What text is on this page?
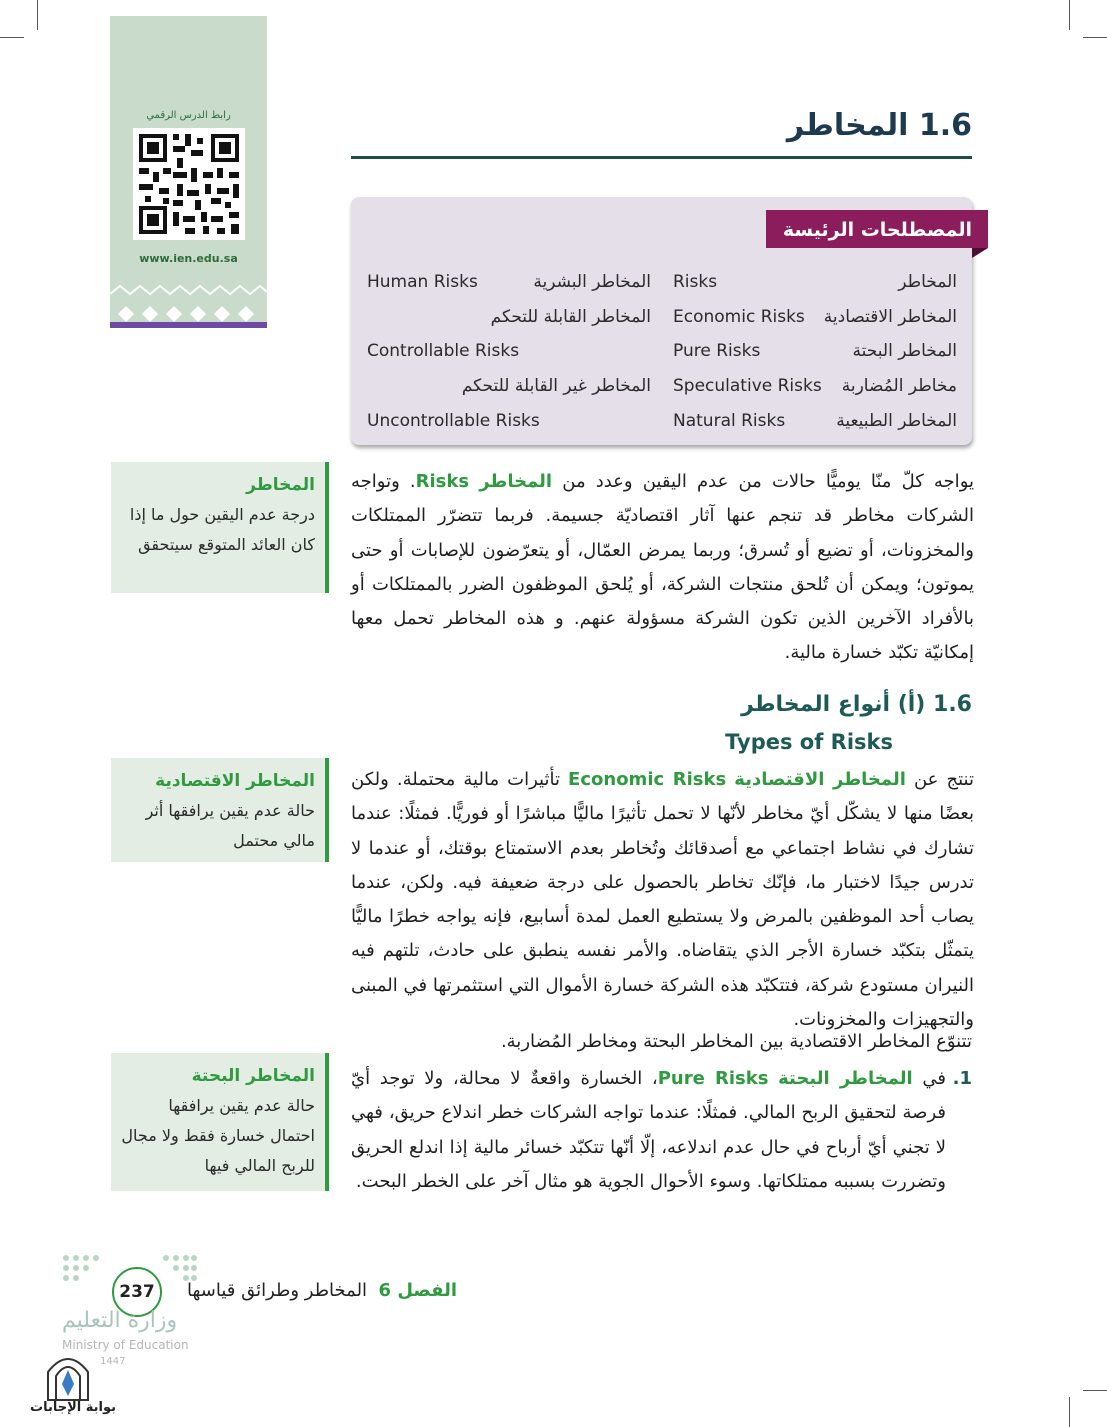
رابط الدرس الرقمي
www.ien.edu.sa
1.6 المخاطر
المصطلحات الرئيسة
المخاطر
Risks
المخاطر الاقتصادية
Economic Risks
المخاطر البحتة
Pure Risks
مخاطر المُضاربة
Speculative Risks
المخاطر الطبيعية
Natural Risks
المخاطر البشرية
Human Risks
المخاطر القابلة للتحكم
Controllable Risks
المخاطر غير القابلة للتحكم
Uncontrollable Risks
يواجه كلّ منّا يوميًّا حالات من عدم اليقين وعدد من المخاطر Risks. وتواجه الشركات مخاطر قد تنجم عنها آثار اقتصاديّة جسيمة. فربما تتضرّر الممتلكات والمخزونات، أو تضيع أو تُسرق؛ وربما يمرض العمّال، أو يتعرّضون للإصابات أو حتى يموتون؛ ويمكن أن تُلحق منتجات الشركة، أو يُلحق الموظفون الضرر بالممتلكات أو بالأفراد الآخرين الذين تكون الشركة مسؤولة عنهم. و هذه المخاطر تحمل معها إمكانيّة تكبّد خسارة مالية.
1.6 (أ) أنواع المخاطر
Types of Risks
تنتج عن المخاطر الاقتصادية Economic Risks تأثيرات مالية محتملة. ولكن بعضًا منها لا يشكّل أيّ مخاطر لأنّها لا تحمل تأثيرًا ماليًّا مباشرًا أو فوريًّا. فمثلًا: عندما تشارك في نشاط اجتماعي مع أصدقائك وتُخاطر بعدم الاستمتاع بوقتك، أو عندما لا تدرس جيدًا لاختبار ما، فإنّك تخاطر بالحصول على درجة ضعيفة فيه. ولكن، عندما يصاب أحد الموظفين بالمرض ولا يستطيع العمل لمدة أسابيع، فإنه يواجه خطرًا ماليًّا يتمثّل بتكبّد خسارة الأجر الذي يتقاضاه. والأمر نفسه ينطبق على حادث، تلتهم فيه النيران مستودع شركة، فتتكبّد هذه الشركة خسارة الأموال التي استثمرتها في المبنى والتجهيزات والمخزونات.
تتنوّع المخاطر الاقتصادية بين المخاطر البحتة ومخاطر المُضاربة.
1.
في المخاطر البحتة Pure Risks، الخسارة واقعةٌ لا محالة، ولا توجد أيّ فرصة لتحقيق الربح المالي. فمثلًا: عندما تواجه الشركات خطر اندلاع حريق، فهي لا تجني أيّ أرباح في حال عدم اندلاعه، إلّا أنّها تتكبّد خسائر مالية إذا اندلع الحريق وتضررت بسببه ممتلكاتها. وسوء الأحوال الجوية هو مثال آخر على الخطر البحت.
المخاطر
درجة عدم اليقين حول ما إذا كان العائد المتوقع سيتحقق
المخاطر الاقتصادية
حالة عدم يقين يرافقها أثر مالي محتمل
المخاطر البحتة
حالة عدم يقين يرافقها احتمال خسارة فقط ولا مجال للربح المالي فيها
237	الفصل 6  المخاطر وطرائق قياسها
وزارة التعليم
Ministry of Education
1447
بوابة الإجابات
